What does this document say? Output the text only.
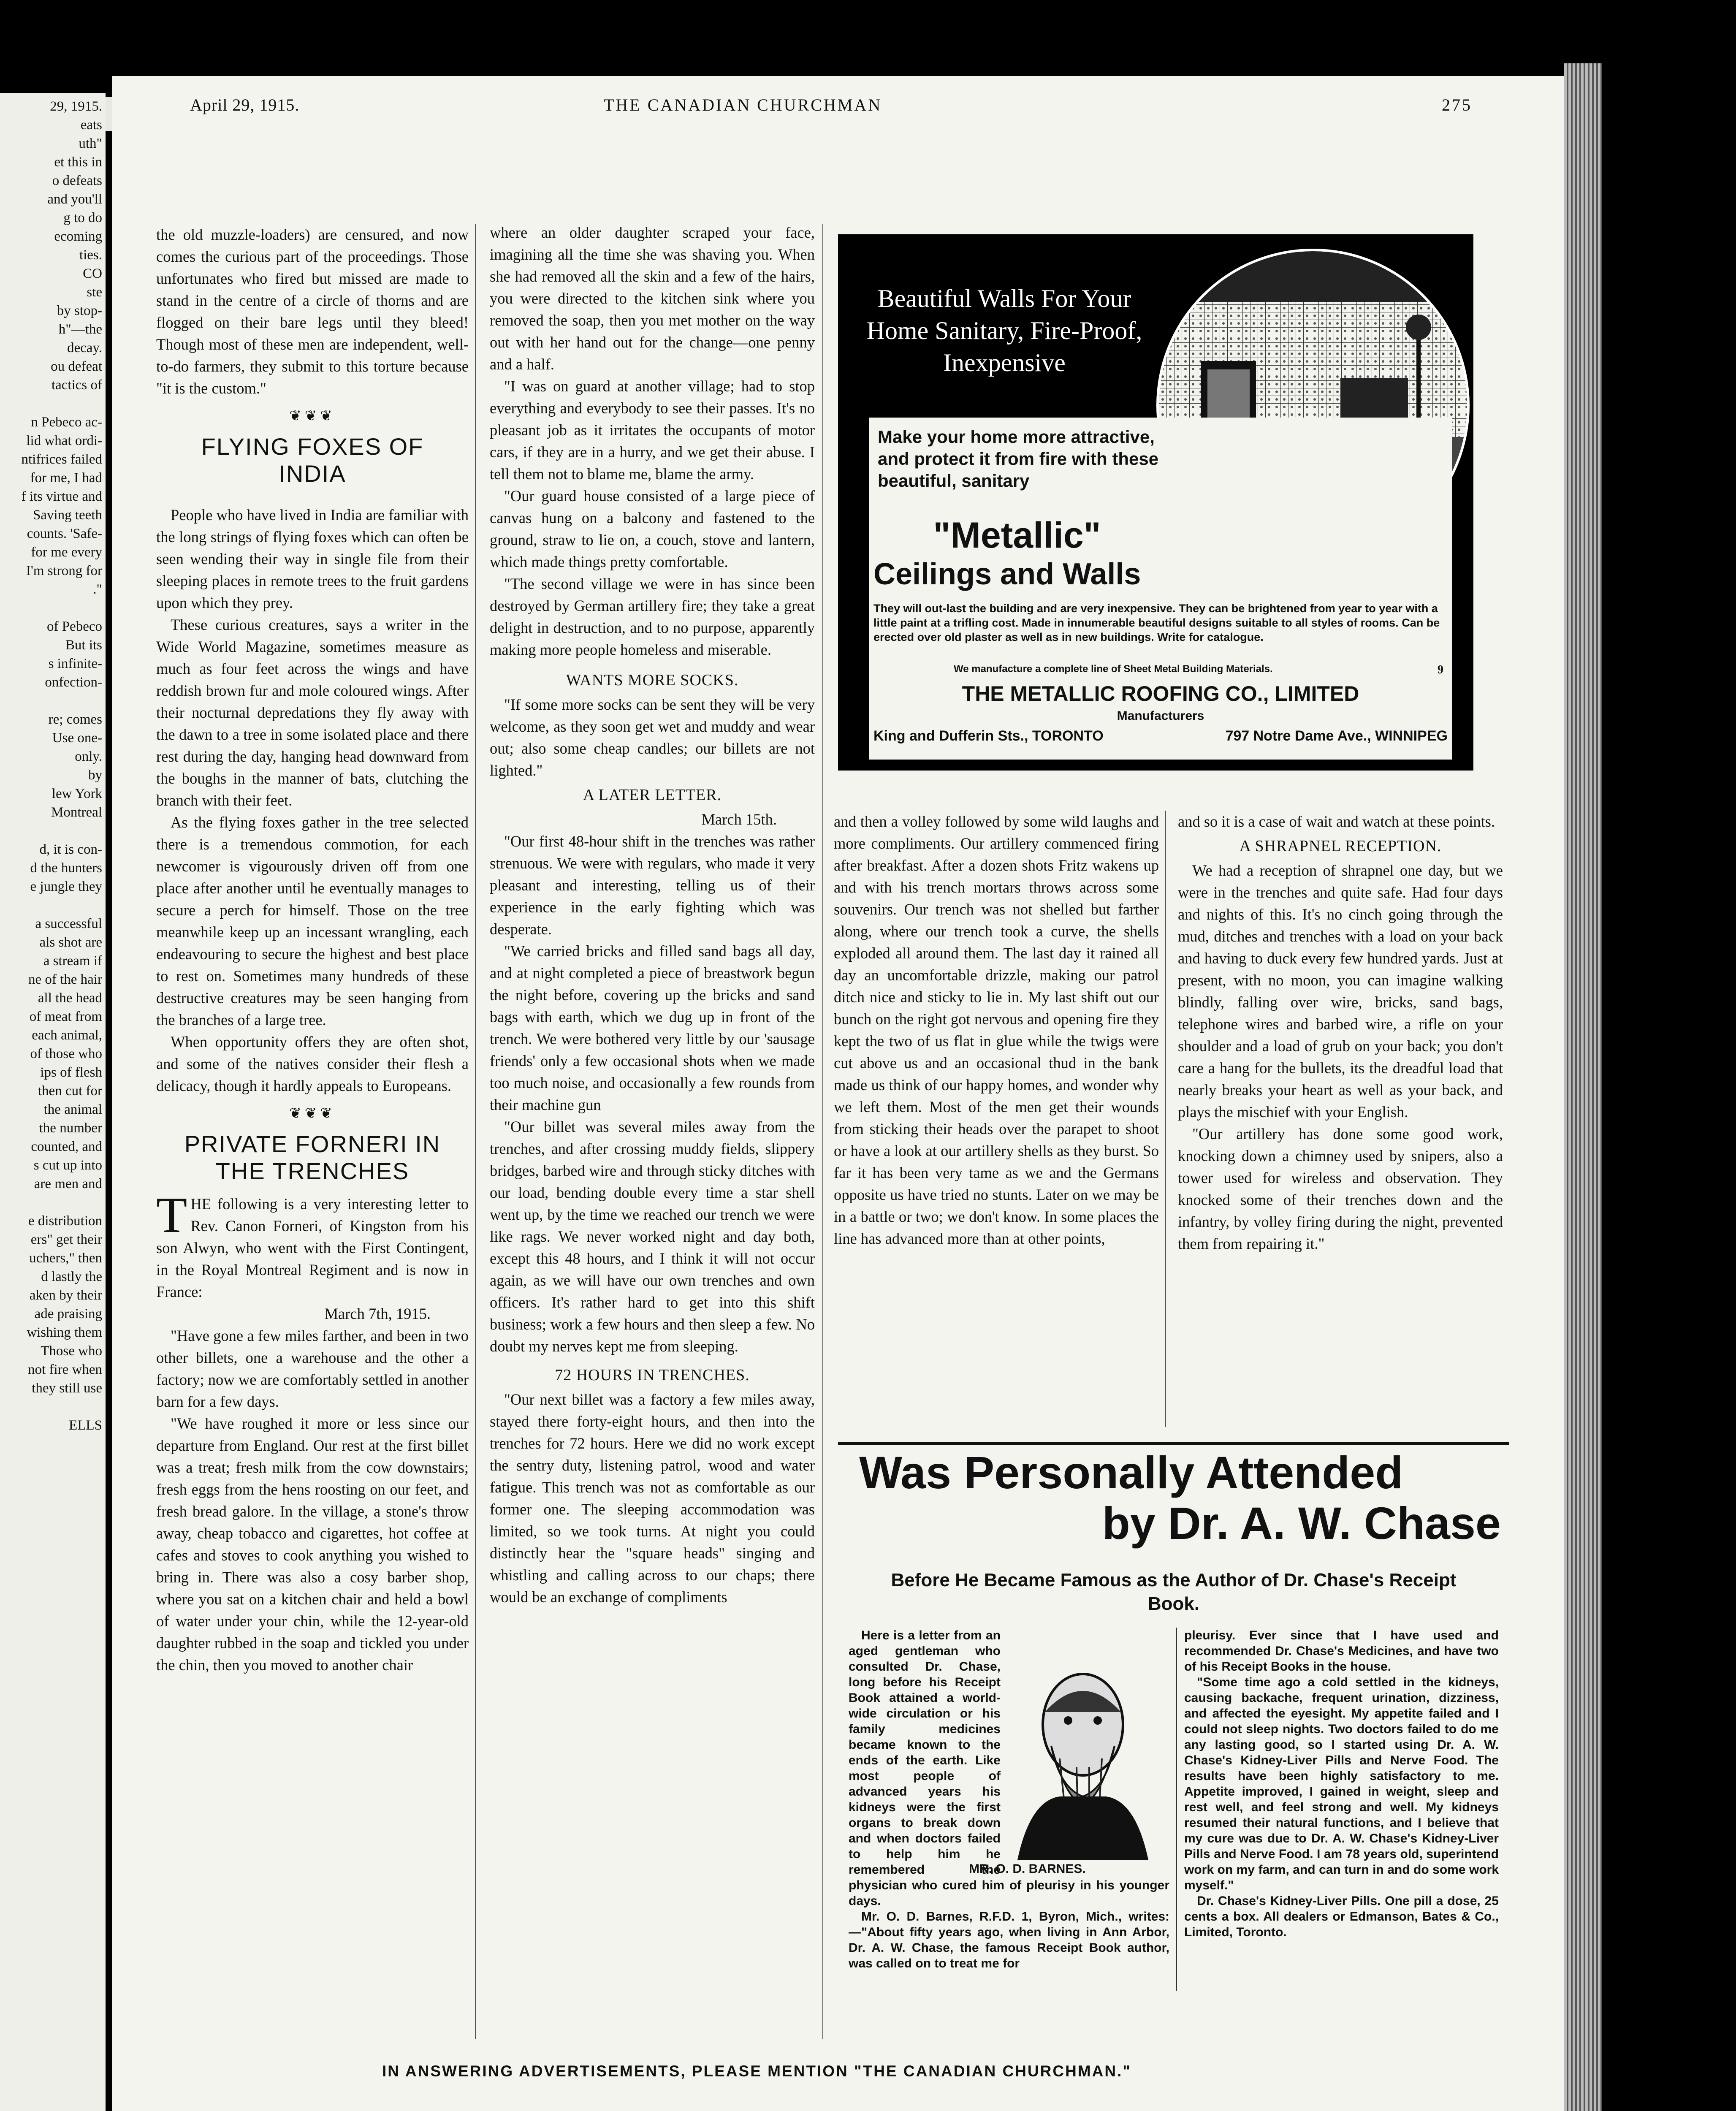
29, 1915.
eats
uth"
et this in
o defeats
and you'll
g to do
ecoming
ties.
CO
ste
by stop-
h"—the
decay.
ou defeat
tactics of

n Pebeco ac-
lid what ordi-
ntifrices failed
for me, I had
f its virtue and
Saving teeth
counts. 'Safe-
for me every
I'm strong for
."

of Pebeco
But its
s infinite-
onfection-

re; comes
Use one-
only.
by
lew York
Montreal

d, it is con-
d the hunters
e jungle they

a successful
als shot are
a stream if
ne of the hair
all the head
of meat from
each animal,
of those who
ips of flesh
then cut for
the animal
the number
counted, and
s cut up into
are men and

e distribution
ers" get their
uchers," then
d lastly the
aken by their
ade praising
wishing them
Those who
not fire when
they still use

ELLS
April 29, 1915.	THE CANADIAN CHURCHMAN	275

the old muzzle-loaders) are censured, and now comes the curious part of the proceedings. Those unfortunates who fired but missed are made to stand in the centre of a circle of thorns and are flogged on their bare legs until they bleed! Though most of these men are independent, well-to-do farmers, they submit to this torture because "it is the custom."

❦❦❦
FLYING FOXES OF INDIA

People who have lived in India are familiar with the long strings of flying foxes which can often be seen wending their way in single file from their sleeping places in remote trees to the fruit gardens upon which they prey.

These curious creatures, says a writer in the Wide World Magazine, sometimes measure as much as four feet across the wings and have reddish brown fur and mole coloured wings. After their nocturnal depredations they fly away with the dawn to a tree in some isolated place and there rest during the day, hanging head downward from the boughs in the manner of bats, clutching the branch with their feet.

As the flying foxes gather in the tree selected there is a tremendous commotion, for each newcomer is vigourously driven off from one place after another until he eventually manages to secure a perch for himself. Those on the tree meanwhile keep up an incessant wrangling, each endeavouring to secure the highest and best place to rest on. Sometimes many hundreds of these destructive creatures may be seen hanging from the branches of a large tree.

When opportunity offers they are often shot, and some of the natives consider their flesh a delicacy, though it hardly appeals to Europeans.

❦❦❦
PRIVATE FORNERI IN THE TRENCHES

THE following is a very interesting letter to Rev. Canon Forneri, of Kingston from his son Alwyn, who went with the First Contingent, in the Royal Montreal Regiment and is now in France:

March 7th, 1915.

"Have gone a few miles farther, and been in two other billets, one a warehouse and the other a factory; now we are comfortably settled in another barn for a few days.

"We have roughed it more or less since our departure from England. Our rest at the first billet was a treat; fresh milk from the cow downstairs; fresh eggs from the hens roosting on our feet, and fresh bread galore. In the village, a stone's throw away, cheap tobacco and cigarettes, hot coffee at cafes and stoves to cook anything you wished to bring in. There was also a cosy barber shop, where you sat on a kitchen chair and held a bowl of water under your chin, while the 12-year-old daughter rubbed in the soap and tickled you under the chin, then you moved to another chair

where an older daughter scraped your face, imagining all the time she was shaving you. When she had removed all the skin and a few of the hairs, you were directed to the kitchen sink where you removed the soap, then you met mother on the way out with her hand out for the change—one penny and a half.

"I was on guard at another village; had to stop everything and everybody to see their passes. It's no pleasant job as it irritates the occupants of motor cars, if they are in a hurry, and we get their abuse. I tell them not to blame me, blame the army.

"Our guard house consisted of a large piece of canvas hung on a balcony and fastened to the ground, straw to lie on, a couch, stove and lantern, which made things pretty comfortable.

"The second village we were in has since been destroyed by German artillery fire; they take a great delight in destruction, and to no purpose, apparently making more people homeless and miserable.

WANTS MORE SOCKS.

"If some more socks can be sent they will be very welcome, as they soon get wet and muddy and wear out; also some cheap candles; our billets are not lighted."

A LATER LETTER.
March 15th.

"Our first 48-hour shift in the trenches was rather strenuous. We were with regulars, who made it very pleasant and interesting, telling us of their experience in the early fighting which was desperate.

"We carried bricks and filled sand bags all day, and at night completed a piece of breastwork begun the night before, covering up the bricks and sand bags with earth, which we dug up in front of the trench. We were bothered very little by our 'sausage friends' only a few occasional shots when we made too much noise, and occasionally a few rounds from their machine gun

"Our billet was several miles away from the trenches, and after crossing muddy fields, slippery bridges, barbed wire and through sticky ditches with our load, bending double every time a star shell went up, by the time we reached our trench we were like rags. We never worked night and day both, except this 48 hours, and I think it will not occur again, as we will have our own trenches and own officers. It's rather hard to get into this shift business; work a few hours and then sleep a few. No doubt my nerves kept me from sleeping.

72 HOURS IN TRENCHES.

"Our next billet was a factory a few miles away, stayed there forty-eight hours, and then into the trenches for 72 hours. Here we did no work except the sentry duty, listening patrol, wood and water fatigue. This trench was not as comfortable as our former one. The sleeping accommodation was limited, so we took turns. At night you could distinctly hear the "square heads" singing and whistling and calling across to our chaps; there would be an exchange of compliments

Beautiful Walls For Your Home Sanitary, Fire-Proof, Inexpensive
Make your home more attractive, and protect it from fire with these beautiful, sanitary
"Metallic"
Ceilings and Walls
They will out-last the building and are very inexpensive. They can be brightened from year to year with a little paint at a trifling cost. Made in innumerable beautiful designs suitable to all styles of rooms. Can be erected over old plaster as well as in new buildings. Write for catalogue.
We manufacture a complete line of Sheet Metal Building Materials.	9
THE METALLIC ROOFING CO., LIMITED
Manufacturers
King and Dufferin Sts., TORONTO	797 Notre Dame Ave., WINNIPEG

and then a volley followed by some wild laughs and more compliments. Our artillery commenced firing after breakfast. After a dozen shots Fritz wakens up and with his trench mortars throws across some souvenirs. Our trench was not shelled but farther along, where our trench took a curve, the shells exploded all around them. The last day it rained all day an uncomfortable drizzle, making our patrol ditch nice and sticky to lie in. My last shift out our bunch on the right got nervous and opening fire they kept the two of us flat in glue while the twigs were cut above us and an occasional thud in the bank made us think of our happy homes, and wonder why we left them. Most of the men get their wounds from sticking their heads over the parapet to shoot or have a look at our artillery shells as they burst. So far it has been very tame as we and the Germans opposite us have tried no stunts. Later on we may be in a battle or two; we don't know. In some places the line has advanced more than at other points,

and so it is a case of wait and watch at these points.

A SHRAPNEL RECEPTION.

We had a reception of shrapnel one day, but we were in the trenches and quite safe. Had four days and nights of this. It's no cinch going through the mud, ditches and trenches with a load on your back and having to duck every few hundred yards. Just at present, with no moon, you can imagine walking blindly, falling over wire, bricks, sand bags, telephone wires and barbed wire, a rifle on your shoulder and a load of grub on your back; you don't care a hang for the bullets, its the dreadful load that nearly breaks your heart as well as your back, and plays the mischief with your English.

"Our artillery has done some good work, knocking down a chimney used by snipers, also a tower used for wireless and observation. They knocked some of their trenches down and the infantry, by volley firing during the night, prevented them from repairing it."

Was Personally Attended
by Dr. A. W. Chase
Before He Became Famous as the Author of Dr. Chase's Receipt Book.

Here is a letter from an aged gentleman who consulted Dr. Chase, long before his Receipt Book attained a world-wide circulation or his family medicines became known to the ends of the earth. Like most people of advanced years his kidneys were the first organs to break down and when doctors failed to help him he remembered the physician who cured him of pleurisy in his younger days.

Mr. O. D. Barnes, R.F.D. 1, Byron, Mich., writes:—"About fifty years ago, when living in Ann Arbor, Dr. A. W. Chase, the famous Receipt Book author, was called on to treat me for

MR. O. D. BARNES.

pleurisy. Ever since that I have used and recommended Dr. Chase's Medicines, and have two of his Receipt Books in the house.

"Some time ago a cold settled in the kidneys, causing backache, frequent urination, dizziness, and affected the eyesight. My appetite failed and I could not sleep nights. Two doctors failed to do me any lasting good, so I started using Dr. A. W. Chase's Kidney-Liver Pills and Nerve Food. The results have been highly satisfactory to me. Appetite improved, I gained in weight, sleep and rest well, and feel strong and well. My kidneys resumed their natural functions, and I believe that my cure was due to Dr. A. W. Chase's Kidney-Liver Pills and Nerve Food. I am 78 years old, superintend work on my farm, and can turn in and do some work myself."

Dr. Chase's Kidney-Liver Pills. One pill a dose, 25 cents a box. All dealers or Edmanson, Bates & Co., Limited, Toronto.

IN ANSWERING ADVERTISEMENTS, PLEASE MENTION "THE CANADIAN CHURCHMAN."
